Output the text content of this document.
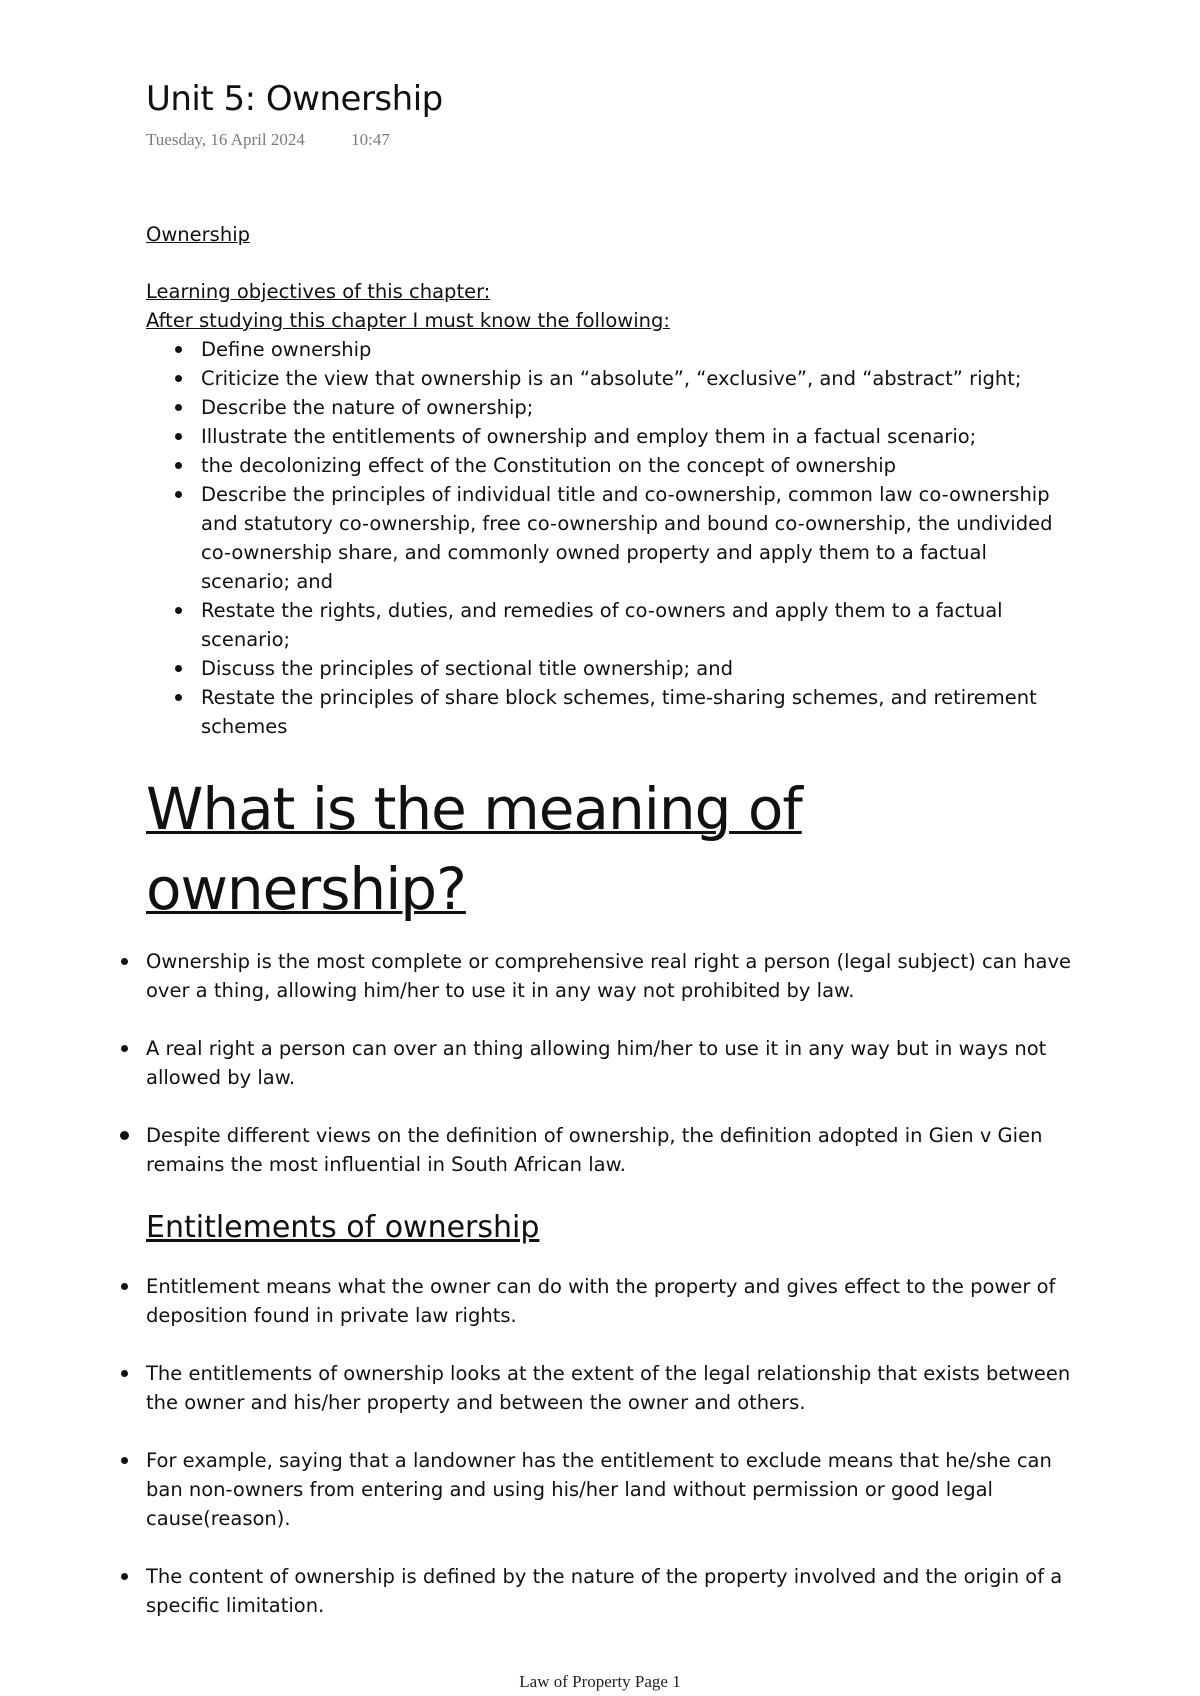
Unit 5: Ownership
Tuesday, 16 April 2024	10:47

Ownership

Learning objectives of this chapter:
After studying this chapter I must know the following:
Define ownership
Criticize the view that ownership is an “absolute”, “exclusive”, and “abstract” right;
Describe the nature of ownership;
Illustrate the entitlements of ownership and employ them in a factual scenario;
the decolonizing effect of the Constitution on the concept of ownership
Describe the principles of individual title and co-ownership, common law co-ownership and statutory co-ownership, free co-ownership and bound co-ownership, the undivided co-ownership share, and commonly owned property and apply them to a factual scenario; and
Restate the rights, duties, and remedies of co-owners and apply them to a factual scenario;
Discuss the principles of sectional title ownership; and
Restate the principles of share block schemes, time-sharing schemes, and retirement schemes
What is the meaning of ownership?
Ownership is the most complete or comprehensive real right a person (legal subject) can have over a thing, allowing him/her to use it in any way not prohibited by law.
A real right a person can over an thing allowing him/her to use it in any way but in ways not allowed by law.
Despite different views on the definition of ownership, the definition adopted in Gien v Gien remains the most influential in South African law.
Entitlements of ownership
Entitlement means what the owner can do with the property and gives effect to the power of deposition found in private law rights.
The entitlements of ownership looks at the extent of the legal relationship that exists between the owner and his/her property and between the owner and others.
For example, saying that a landowner has the entitlement to exclude means that he/she can ban non-owners from entering and using his/her land without permission or good legal cause(reason).
The content of ownership is defined by the nature of the property involved and the origin of a specific limitation.
Law of Property Page 1
